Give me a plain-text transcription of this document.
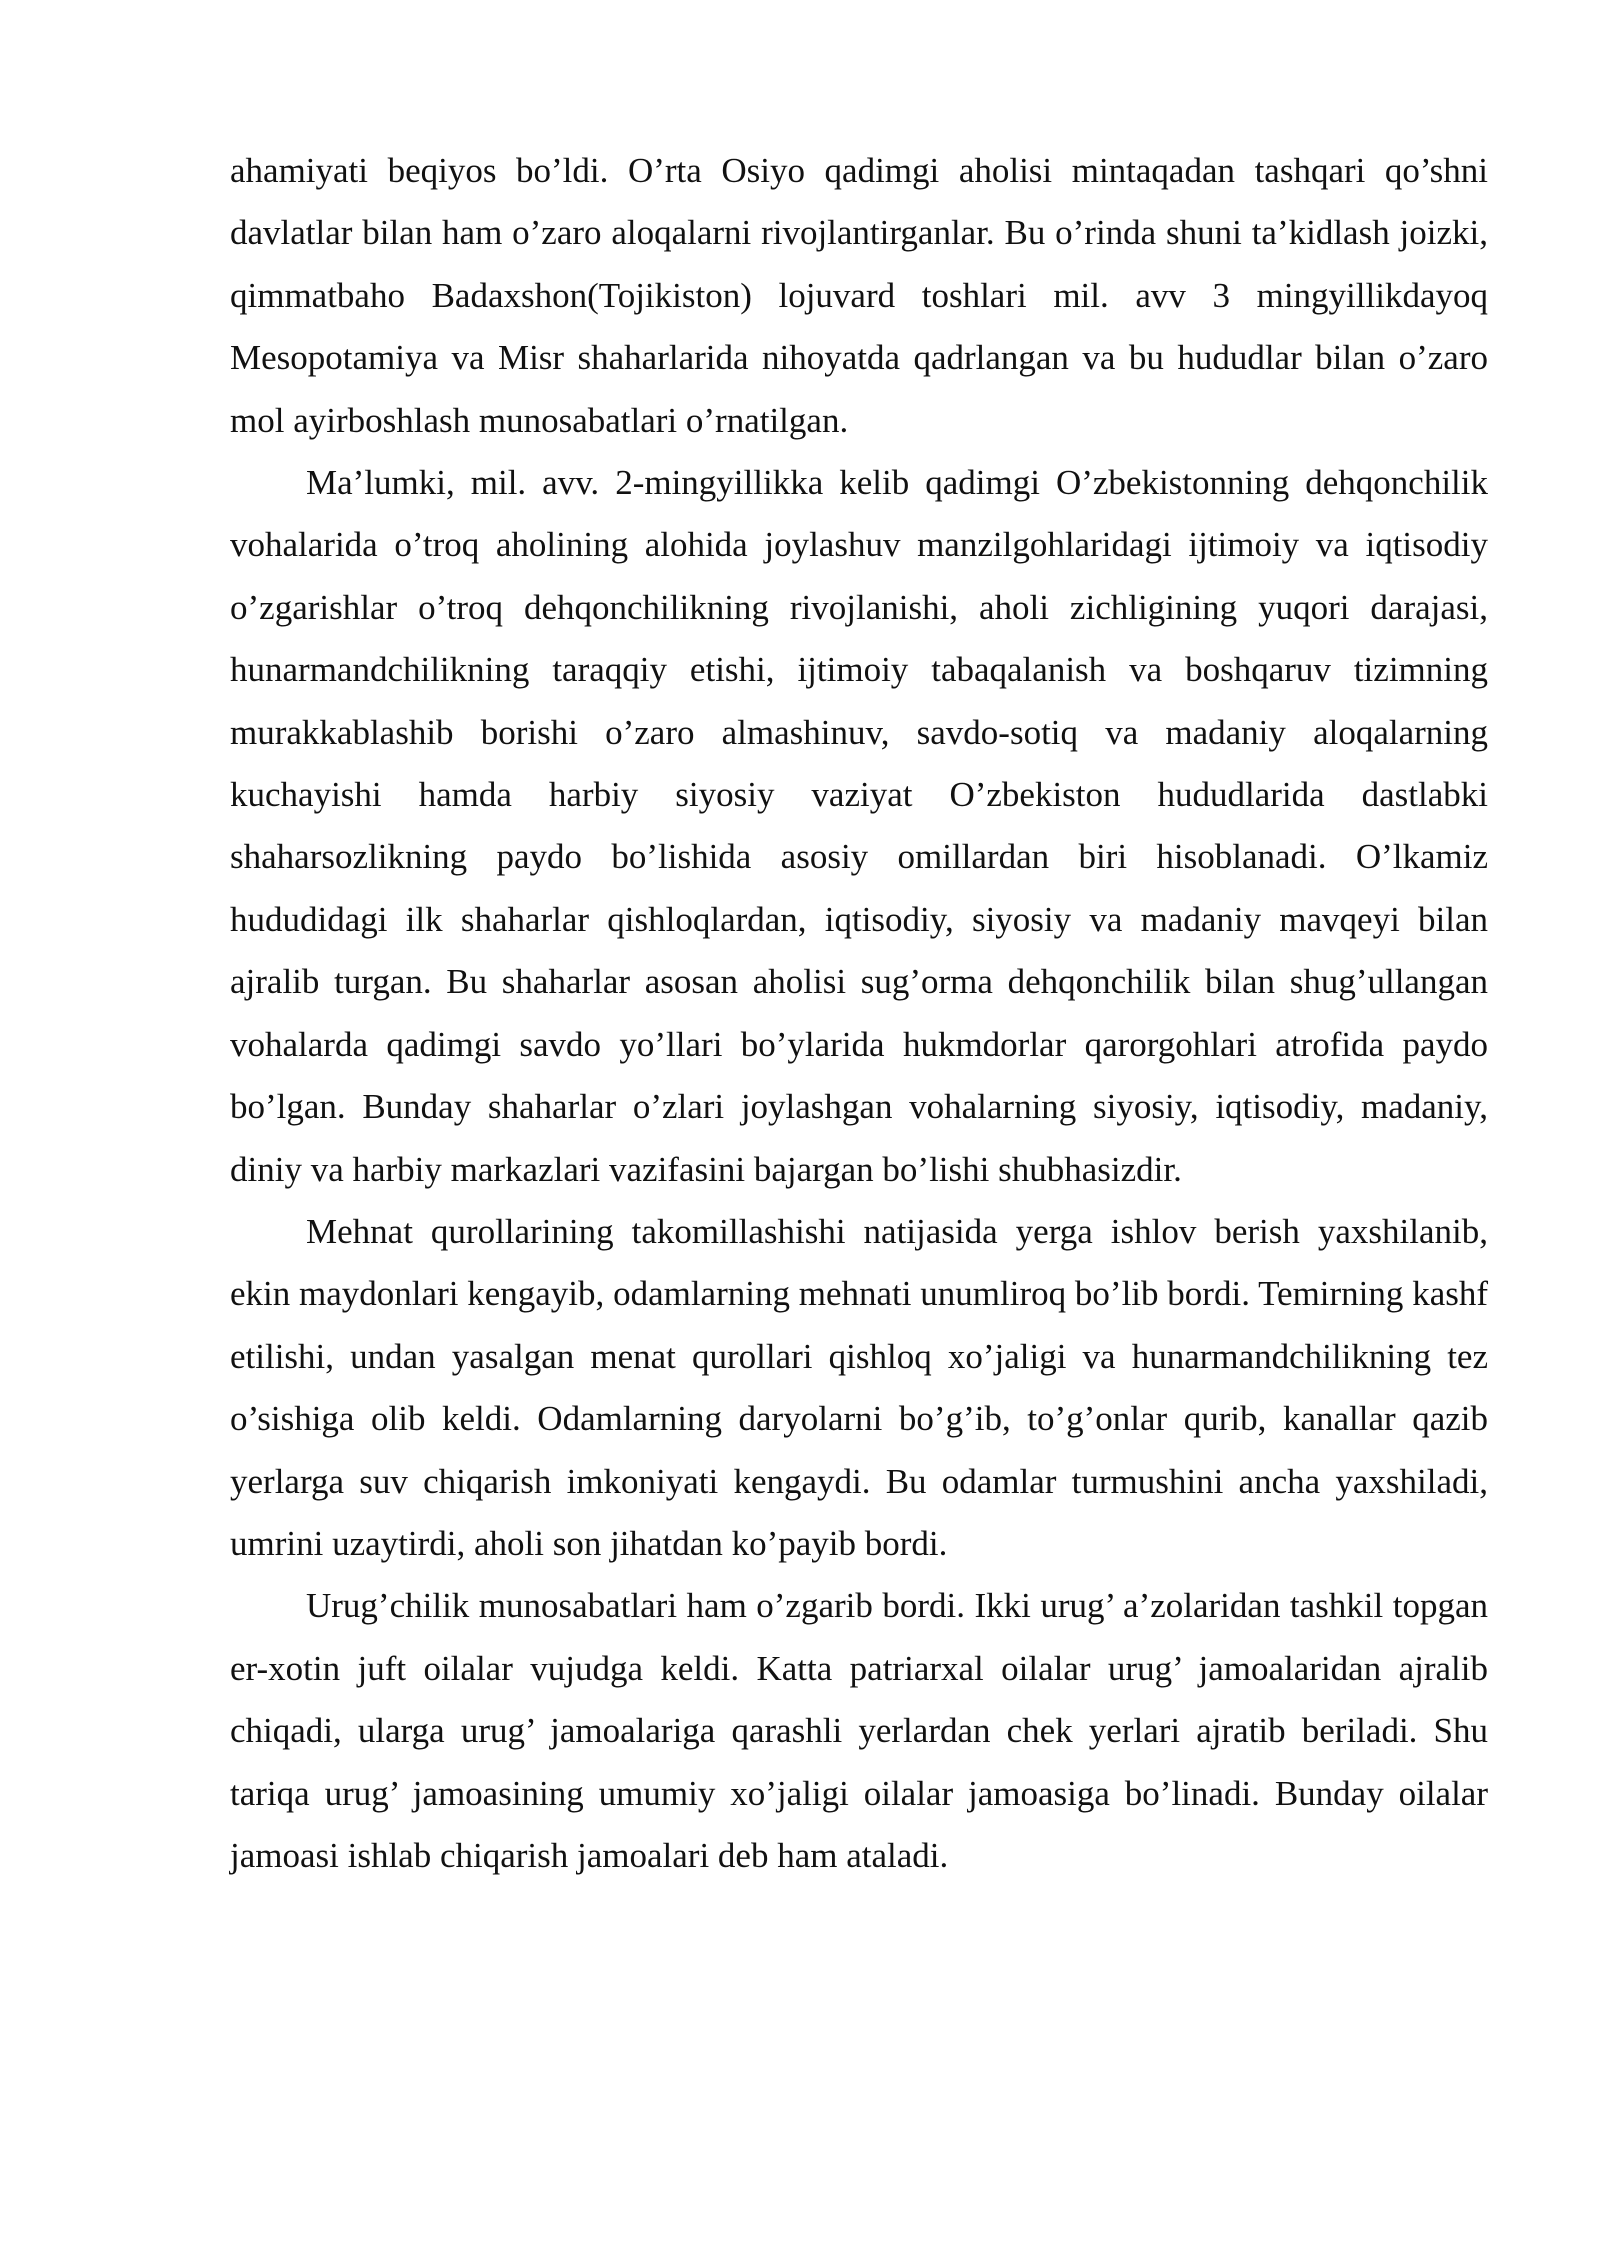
ahamiyati beqiyos bo’ldi. O’rta Osiyo qadimgi aholisi mintaqadan tashqari qo’shni davlatlar bilan ham o’zaro aloqalarni rivojlantirganlar. Bu o’rinda shuni ta’kidlash joizki, qimmatbaho Badaxshon(Tojikiston) lojuvard toshlari mil. avv 3 mingyillikdayoq Mesopotamiya va Misr shaharlarida nihoyatda qadrlangan va bu hududlar bilan o’zaro mol ayirboshlash munosabatlari o’rnatilgan.

Ma’lumki, mil. avv. 2-mingyillikka kelib qadimgi O’zbekistonning dehqonchilik vohalarida o’troq aholining alohida joylashuv manzilgohlaridagi ijtimoiy va iqtisodiy o’zgarishlar o’troq dehqonchilikning rivojlanishi, aholi zichligining yuqori darajasi, hunarmandchilikning taraqqiy etishi, ijtimoiy tabaqalanish va boshqaruv tizimning murakkablashib borishi o’zaro almashinuv, savdo-sotiq va madaniy aloqalarning kuchayishi hamda harbiy siyosiy vaziyat O’zbekiston hududlarida dastlabki shaharsozlikning paydo bo’lishida asosiy omillardan biri hisoblanadi. O’lkamiz hududidagi ilk shaharlar qishloqlardan, iqtisodiy, siyosiy va madaniy mavqeyi bilan ajralib turgan. Bu shaharlar asosan aholisi sug’orma dehqonchilik bilan shug’ullangan vohalarda qadimgi savdo yo’llari bo’ylarida hukmdorlar qarorgohlari atrofida paydo bo’lgan. Bunday shaharlar o’zlari joylashgan vohalarning siyosiy, iqtisodiy, madaniy, diniy va harbiy markazlari vazifasini bajargan bo’lishi shubhasizdir.

Mehnat qurollarining takomillashishi natijasida yerga ishlov berish yaxshilanib, ekin maydonlari kengayib, odamlarning mehnati unumliroq bo’lib bordi. Temirning kashf etilishi, undan yasalgan menat qurollari qishloq xo’jaligi va hunarmandchilikning tez o’sishiga olib keldi. Odamlarning daryolarni bo’g’ib, to’g’onlar qurib, kanallar qazib yerlarga suv chiqarish imkoniyati kengaydi. Bu odamlar turmushini ancha yaxshiladi, umrini uzaytirdi, aholi son jihatdan ko’payib bordi.

Urug’chilik munosabatlari ham o’zgarib bordi. Ikki urug’ a’zolaridan tashkil topgan er-xotin juft oilalar vujudga keldi. Katta patriarxal oilalar urug’ jamoalaridan ajralib chiqadi, ularga urug’ jamoalariga qarashli yerlardan chek yerlari ajratib beriladi. Shu tariqa urug’ jamoasining umumiy xo’jaligi oilalar jamoasiga bo’linadi. Bunday oilalar jamoasi ishlab chiqarish jamoalari deb ham ataladi.
